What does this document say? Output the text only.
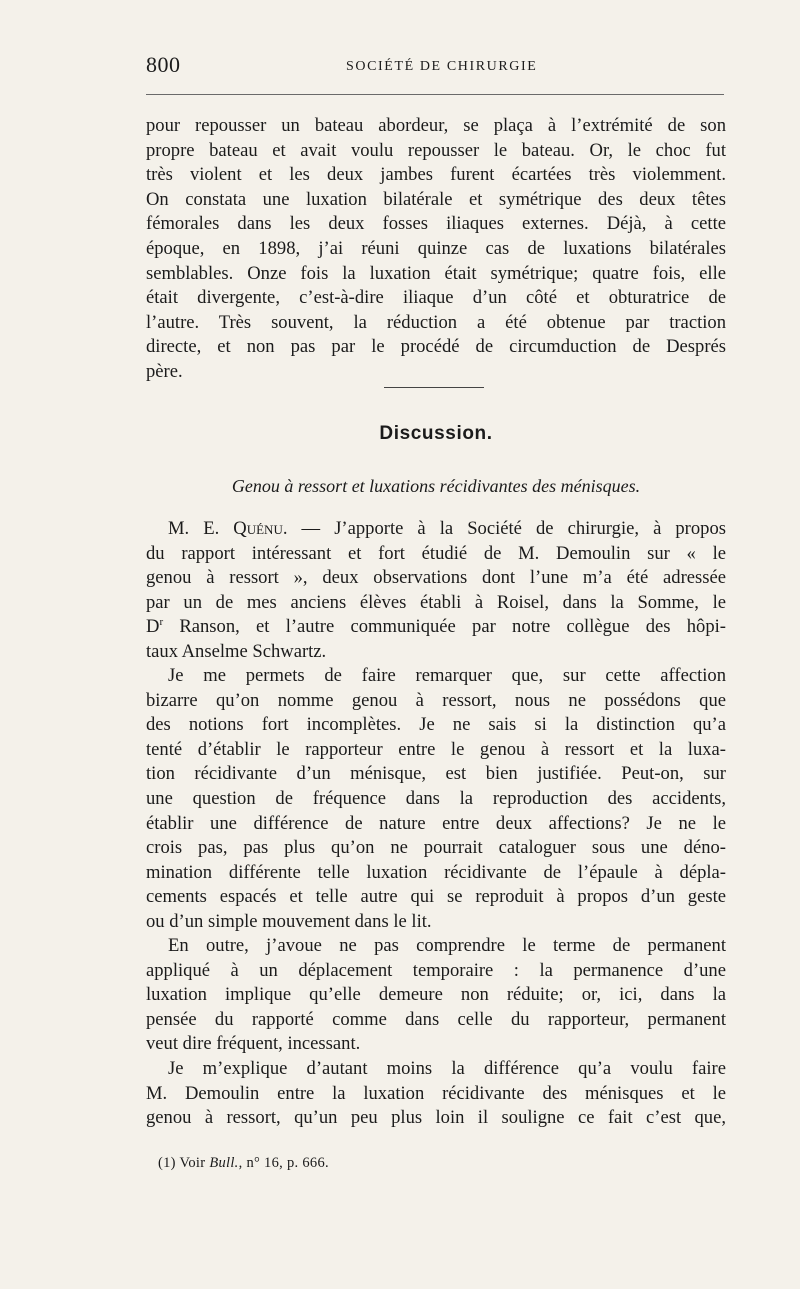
800	SOCIÉTÉ DE CHIRURGIE
pour repousser un bateau abordeur, se plaça à l’extrémité de son
propre bateau et avait voulu repousser le bateau. Or, le choc fut
très violent et les deux jambes furent écartées très violemment.
On constata une luxation bilatérale et symétrique des deux têtes
fémorales dans les deux fosses iliaques externes. Déjà, à cette
époque, en 1898, j’ai réuni quinze cas de luxations bilatérales
semblables. Onze fois la luxation était symétrique; quatre fois, elle
était divergente, c’est-à-dire iliaque d’un côté et obturatrice de
l’autre. Très souvent, la réduction a été obtenue par traction
directe, et non pas par le procédé de circumduction de Després
père.
Discussion.
Genou à ressort et luxations récidivantes des ménisques.
M. E. Quénu. — J’apporte à la Société de chirurgie, à propos
du rapport intéressant et fort étudié de M. Demoulin sur « le
genou à ressort », deux observations dont l’une m’a été adressée
par un de mes anciens élèves établi à Roisel, dans la Somme, le
$D^r$ Ranson, et l’autre communiquée par notre collègue des hôpi-
taux Anselme Schwartz.
Je me permets de faire remarquer que, sur cette affection
bizarre qu’on nomme genou à ressort, nous ne possédons que
des notions fort incomplètes. Je ne sais si la distinction qu’a
tenté d’établir le rapporteur entre le genou à ressort et la luxa-
tion récidivante d’un ménisque, est bien justifiée. Peut-on, sur
une question de fréquence dans la reproduction des accidents,
établir une différence de nature entre deux affections? Je ne le
crois pas, pas plus qu’on ne pourrait cataloguer sous une déno-
mination différente telle luxation récidivante de l’épaule à dépla-
cements espacés et telle autre qui se reproduit à propos d’un geste
ou d’un simple mouvement dans le lit.
En outre, j’avoue ne pas comprendre le terme de permanent
appliqué à un déplacement temporaire : la permanence d’une
luxation implique qu’elle demeure non réduite; or, ici, dans la
pensée du rapporté comme dans celle du rapporteur, permanent
veut dire fréquent, incessant.
Je m’explique d’autant moins la différence qu’a voulu faire
M. Demoulin entre la luxation récidivante des ménisques et le
genou à ressort, qu’un peu plus loin il souligne ce fait c’est que,
(1) Voir Bull., n° 16, p. 666.
